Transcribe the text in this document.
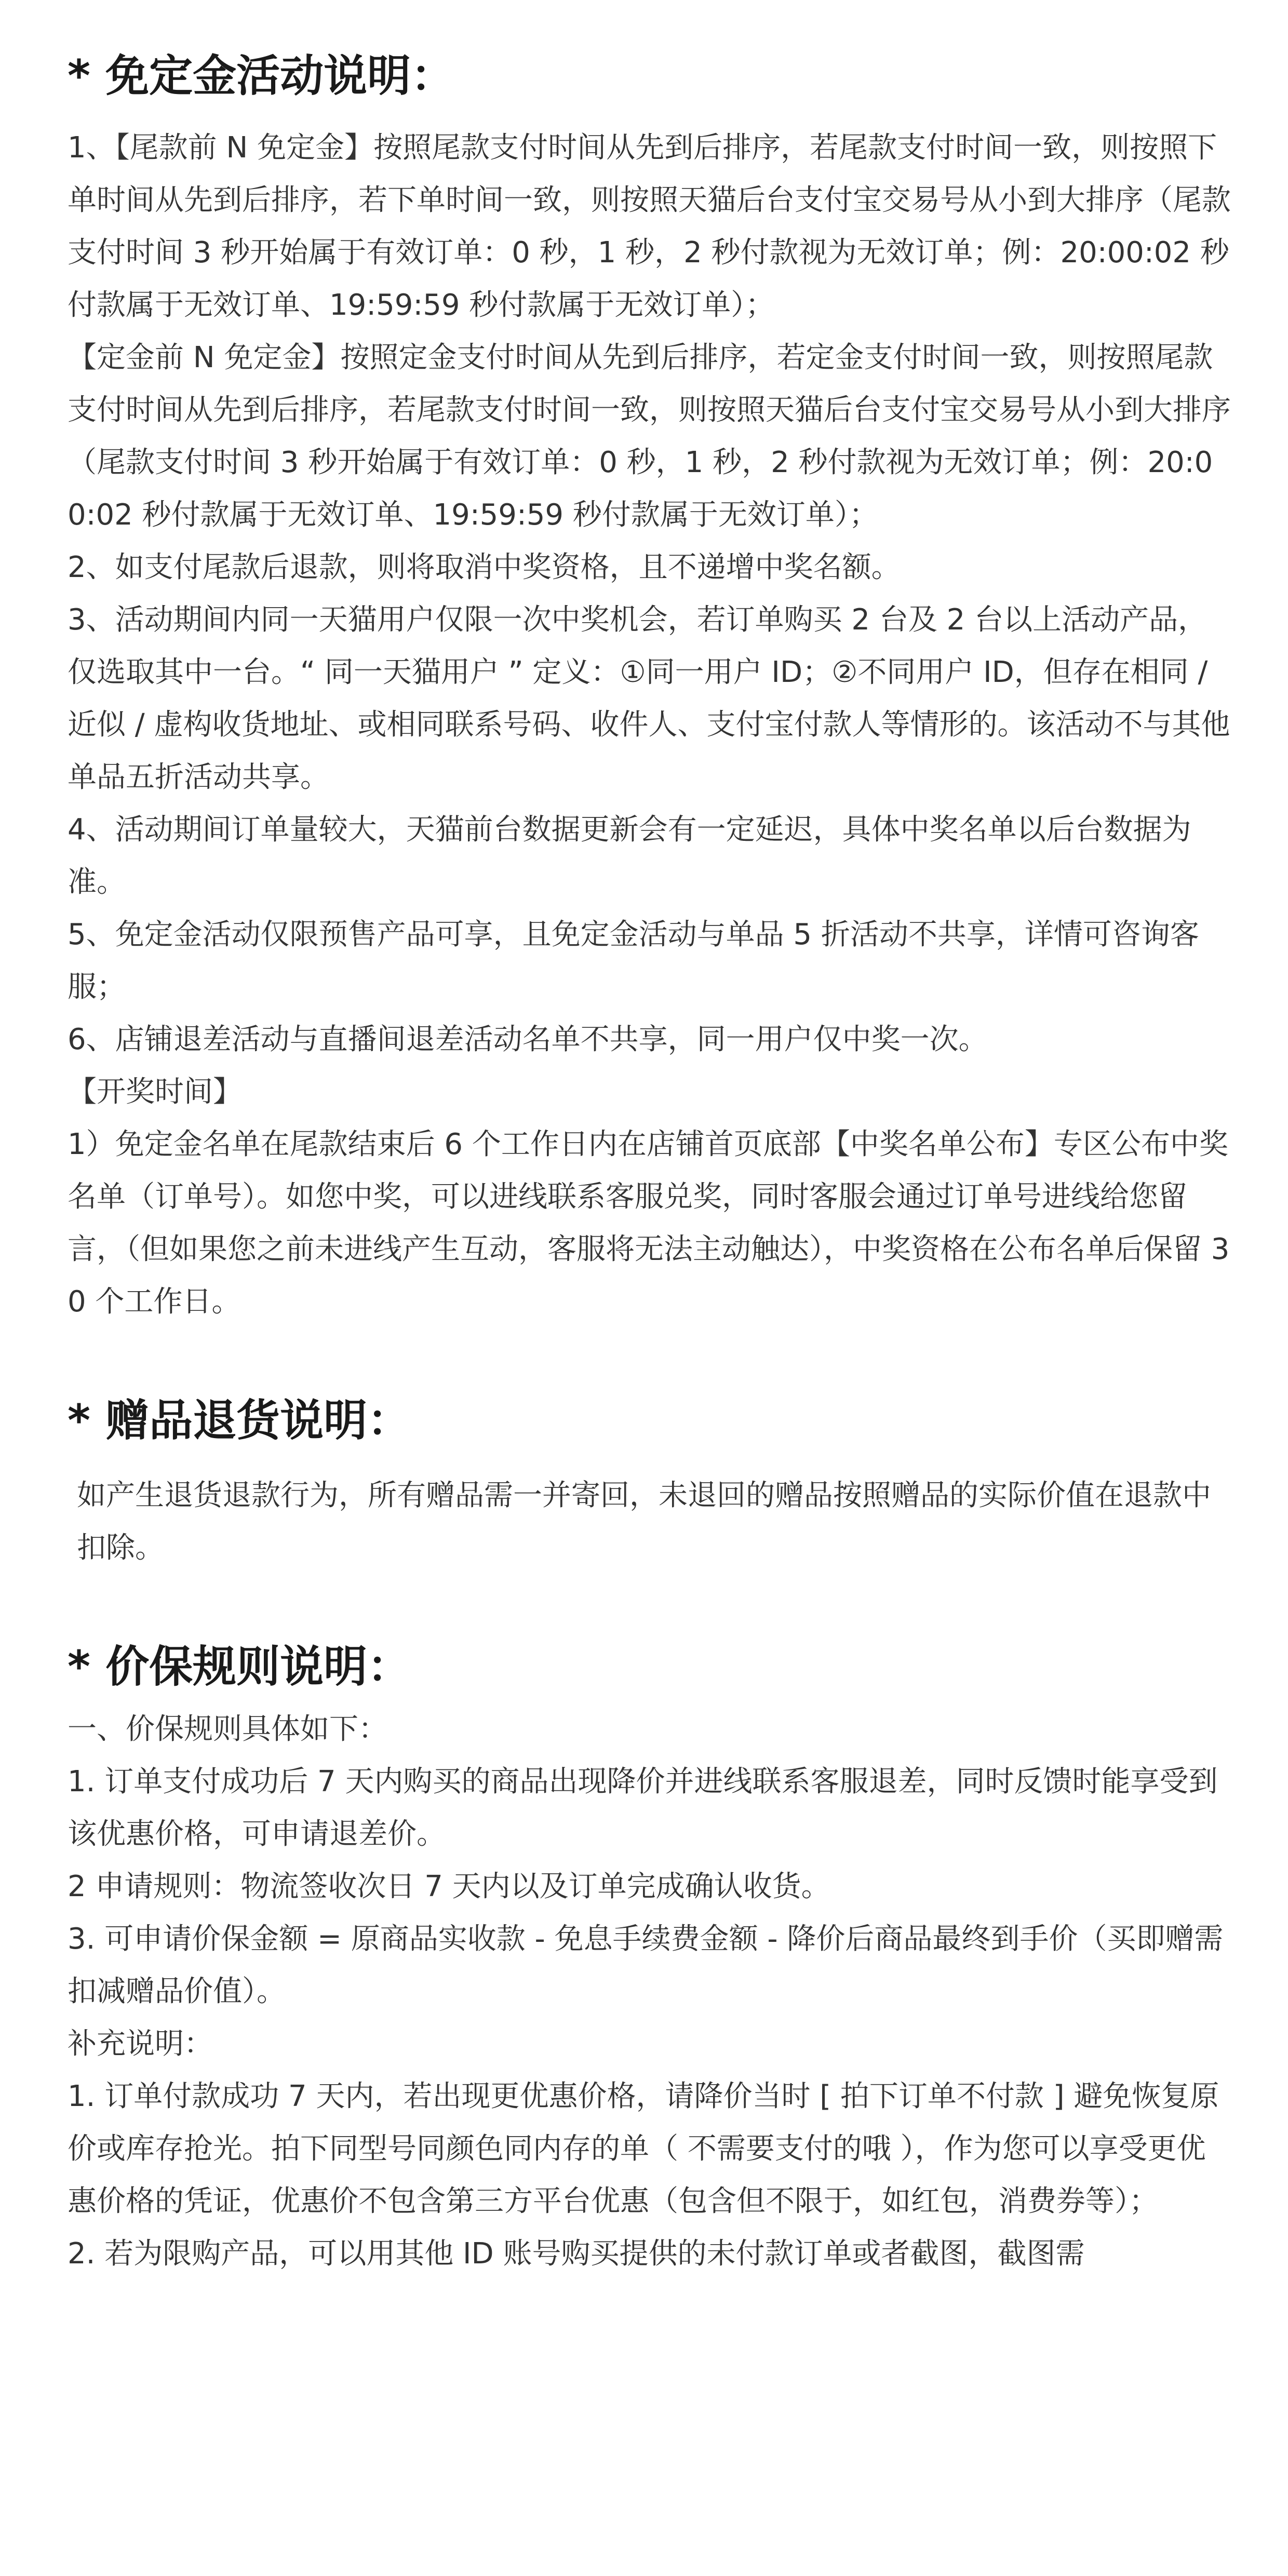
* 免定金活动说明：

1、【尾款前 N 免定金】按照尾款支付时间从先到后排序，若尾款支付时间一致，则按照下单时间从先到后排序，若下单时间一致，则按照天猫后台支付宝交易号从小到大排序（尾款支付时间 3 秒开始属于有效订单：0 秒，1 秒，2 秒付款视为无效订单；例：20:00:02 秒付款属于无效订单、19:59:59 秒付款属于无效订单）；

【定金前 N 免定金】按照定金支付时间从先到后排序，若定金支付时间一致，则按照尾款支付时间从先到后排序，若尾款支付时间一致，则按照天猫后台支付宝交易号从小到大排序（尾款支付时间 3 秒开始属于有效订单：0 秒，1 秒，2 秒付款视为无效订单；例：20:00:02 秒付款属于无效订单、19:59:59 秒付款属于无效订单）；

2、如支付尾款后退款，则将取消中奖资格，且不递增中奖名额。

3、活动期间内同一天猫用户仅限一次中奖机会，若订单购买 2 台及 2 台以上活动产品，仅选取其中一台。“ 同一天猫用户 ” 定义：①同一用户 ID；②不同用户 ID，但存在相同 / 近似 / 虚构收货地址、或相同联系号码、收件人、支付宝付款人等情形的。该活动不与其他单品五折活动共享。

4、活动期间订单量较大，天猫前台数据更新会有一定延迟，具体中奖名单以后台数据为准。

5、免定金活动仅限预售产品可享，且免定金活动与单品 5 折活动不共享，详情可咨询客服；

6、店铺退差活动与直播间退差活动名单不共享，同一用户仅中奖一次。

【开奖时间】

1）免定金名单在尾款结束后 6 个工作日内在店铺首页底部【中奖名单公布】专区公布中奖名单（订单号）。如您中奖，可以进线联系客服兑奖，同时客服会通过订单号进线给您留言，（但如果您之前未进线产生互动，客服将无法主动触达），中奖资格在公布名单后保留 30 个工作日。

* 赠品退货说明：

如产生退货退款行为，所有赠品需一并寄回，未退回的赠品按照赠品的实际价值在退款中扣除。

* 价保规则说明：

一、价保规则具体如下：

1. 订单支付成功后 7 天内购买的商品出现降价并进线联系客服退差，同时反馈时能享受到该优惠价格，可申请退差价。

2 申请规则：物流签收次日 7 天内以及订单完成确认收货。

3. 可申请价保金额 = 原商品实收款 - 免息手续费金额 - 降价后商品最终到手价（买即赠需扣减赠品价值）。

补充说明：

1. 订单付款成功 7 天内，若出现更优惠价格，请降价当时 [ 拍下订单不付款 ] 避免恢复原价或库存抢光。拍下同型号同颜色同内存的单（ 不需要支付的哦 ），作为您可以享受更优惠价格的凭证，优惠价不包含第三方平台优惠（包含但不限于，如红包，消费券等）；

2. 若为限购产品，可以用其他 ID 账号购买提供的未付款订单或者截图，截图需
